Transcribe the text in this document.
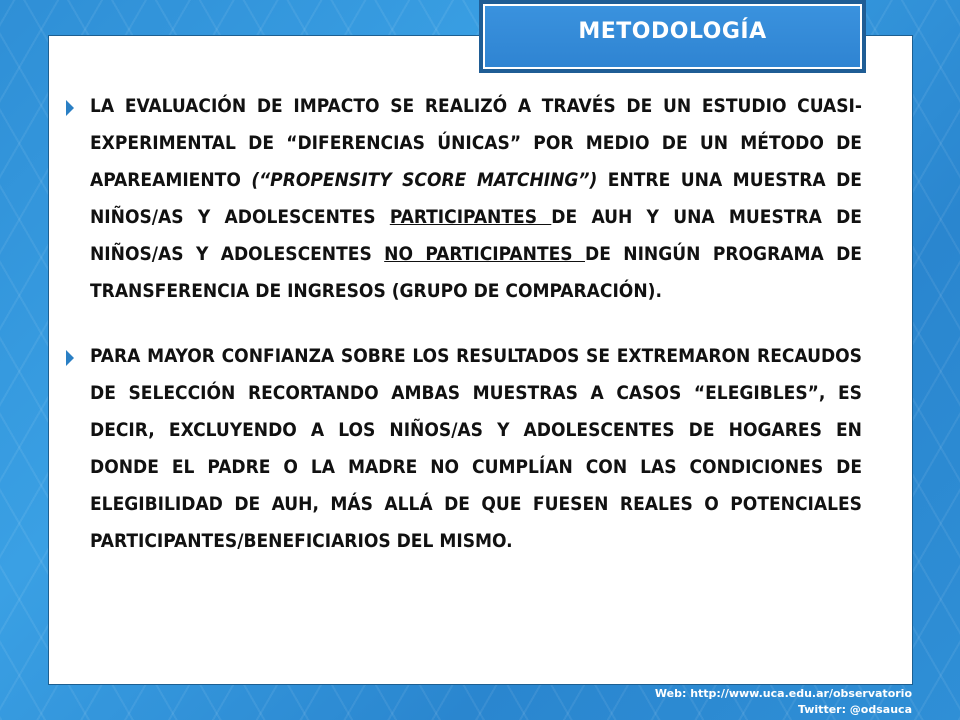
METODOLOGÍA

LA EVALUACIÓN DE IMPACTO SE REALIZÓ A TRAVÉS DE UN ESTUDIO CUASI-EXPERIMENTAL DE “DIFERENCIAS ÚNICAS” POR MEDIO DE UN MÉTODO DE APAREAMIENTO (“PROPENSITY SCORE MATCHING”) ENTRE UNA MUESTRA DE NIÑOS/AS Y ADOLESCENTES PARTICIPANTES DE AUH Y UNA MUESTRA DE NIÑOS/AS Y ADOLESCENTES NO PARTICIPANTES DE NINGÚN PROGRAMA DE TRANSFERENCIA DE INGRESOS (GRUPO DE COMPARACIÓN).

PARA MAYOR CONFIANZA SOBRE LOS RESULTADOS SE EXTREMARON RECAUDOS DE SELECCIÓN RECORTANDO AMBAS MUESTRAS A CASOS “ELEGIBLES”, ES DECIR, EXCLUYENDO A LOS NIÑOS/AS Y ADOLESCENTES DE HOGARES EN DONDE EL PADRE O LA MADRE NO CUMPLÍAN CON LAS CONDICIONES DE ELEGIBILIDAD DE AUH, MÁS ALLÁ DE QUE FUESEN REALES O POTENCIALES PARTICIPANTES/BENEFICIARIOS DEL MISMO.

Web: http://www.uca.edu.ar/observatorio
Twitter: @odsauca
